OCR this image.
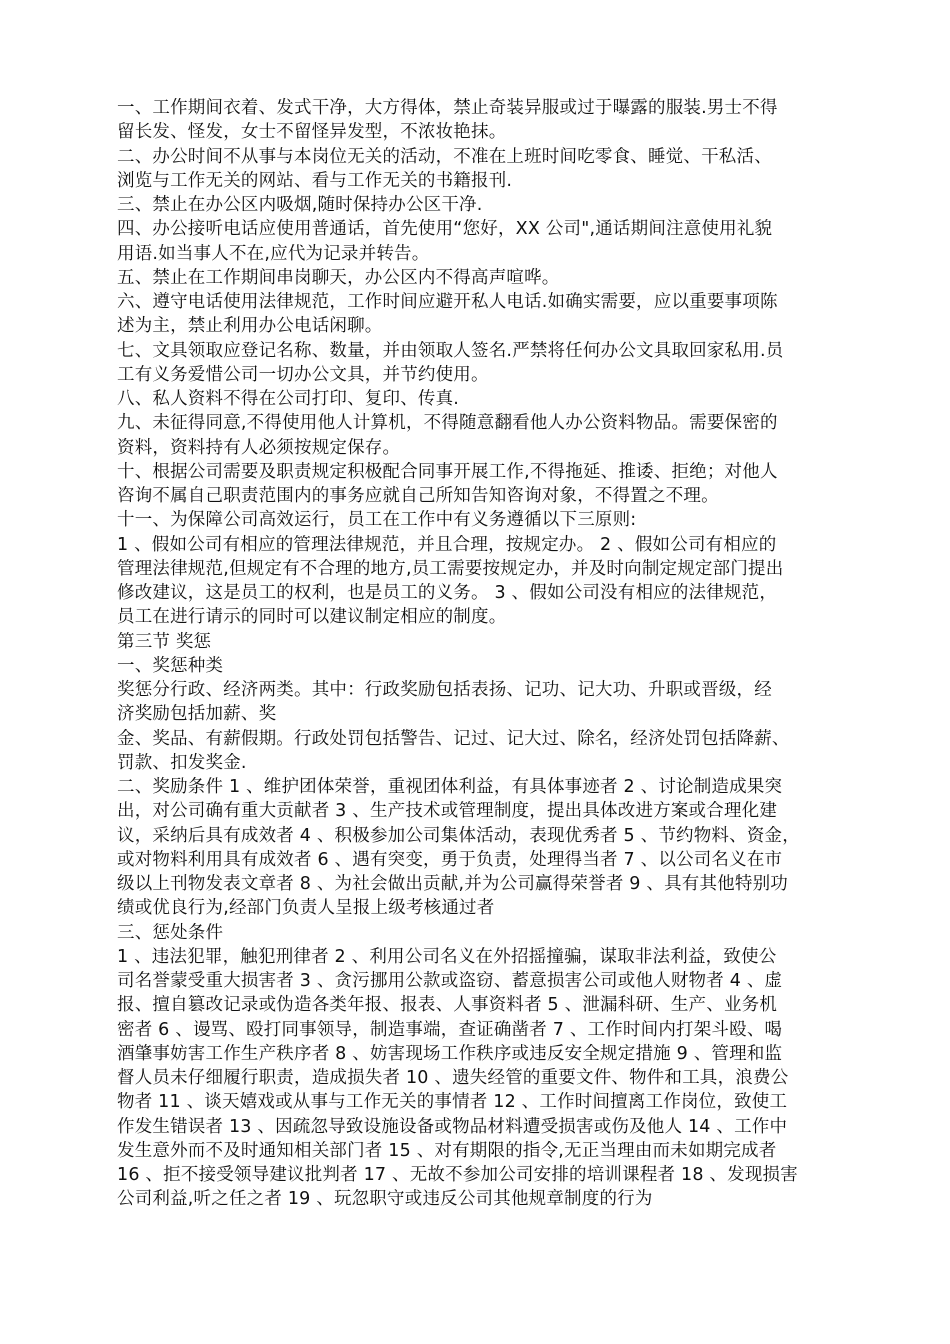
一、工作期间衣着、发式干净，大方得体，禁止奇装异服或过于曝露的服装.男士不得
留长发、怪发，女士不留怪异发型，不浓妆艳抹。
二、办公时间不从事与本岗位无关的活动，不准在上班时间吃零食、睡觉、干私活、
浏览与工作无关的网站、看与工作无关的书籍报刊.
三、禁止在办公区内吸烟,随时保持办公区干净.
四、办公接听电话应使用普通话，首先使用“您好，XX 公司",通话期间注意使用礼貌
用语.如当事人不在,应代为记录并转告。
五、禁止在工作期间串岗聊天，办公区内不得高声喧哗。
六、遵守电话使用法律规范，工作时间应避开私人电话.如确实需要，应以重要事项陈
述为主，禁止利用办公电话闲聊。
七、文具领取应登记名称、数量，并由领取人签名.严禁将任何办公文具取回家私用.员
工有义务爱惜公司一切办公文具，并节约使用。
八、私人资料不得在公司打印、复印、传真.
九、未征得同意,不得使用他人计算机，不得随意翻看他人办公资料物品。需要保密的
资料，资料持有人必须按规定保存。
十、根据公司需要及职责规定积极配合同事开展工作,不得拖延、推诿、拒绝；对他人
咨询不属自己职责范围内的事务应就自己所知告知咨询对象，不得置之不理。
十一、为保障公司高效运行，员工在工作中有义务遵循以下三原则:
1 、假如公司有相应的管理法律规范，并且合理，按规定办。 2 、假如公司有相应的
管理法律规范,但规定有不合理的地方,员工需要按规定办，并及时向制定规定部门提出
修改建议，这是员工的权利，也是员工的义务。 3 、假如公司没有相应的法律规范，
员工在进行请示的同时可以建议制定相应的制度。
第三节 奖惩
一、奖惩种类
奖惩分行政、经济两类。其中：行政奖励包括表扬、记功、记大功、升职或晋级，经
济奖励包括加薪、奖
金、奖品、有薪假期。行政处罚包括警告、记过、记大过、除名，经济处罚包括降薪、
罚款、扣发奖金.
二、奖励条件 1 、维护团体荣誉，重视团体利益，有具体事迹者 2 、讨论制造成果突
出，对公司确有重大贡献者 3 、生产技术或管理制度，提出具体改进方案或合理化建
议，采纳后具有成效者 4 、积极参加公司集体活动，表现优秀者 5 、节约物料、资金，
或对物料利用具有成效者 6 、遇有突变，勇于负责，处理得当者 7 、以公司名义在市
级以上刊物发表文章者 8 、为社会做出贡献,并为公司赢得荣誉者 9 、具有其他特别功
绩或优良行为,经部门负责人呈报上级考核通过者
三、惩处条件
1 、违法犯罪，触犯刑律者 2 、利用公司名义在外招摇撞骗，谋取非法利益，致使公
司名誉蒙受重大损害者 3 、贪污挪用公款或盗窃、蓄意损害公司或他人财物者 4 、虚
报、擅自篡改记录或伪造各类年报、报表、人事资料者 5 、泄漏科研、生产、业务机
密者 6 、谩骂、殴打同事领导，制造事端，查证确凿者 7 、工作时间内打架斗殴、喝
酒肇事妨害工作生产秩序者 8 、妨害现场工作秩序或违反安全规定措施 9 、管理和监
督人员未仔细履行职责，造成损失者 10 、遗失经管的重要文件、物件和工具，浪费公
物者 11 、谈天嬉戏或从事与工作无关的事情者 12 、工作时间擅离工作岗位，致使工
作发生错误者 13 、因疏忽导致设施设备或物品材料遭受损害或伤及他人 14 、工作中
发生意外而不及时通知相关部门者 15 、对有期限的指令,无正当理由而未如期完成者
16 、拒不接受领导建议批判者 17 、无故不参加公司安排的培训课程者 18 、发现损害
公司利益,听之任之者 19 、玩忽职守或违反公司其他规章制度的行为
